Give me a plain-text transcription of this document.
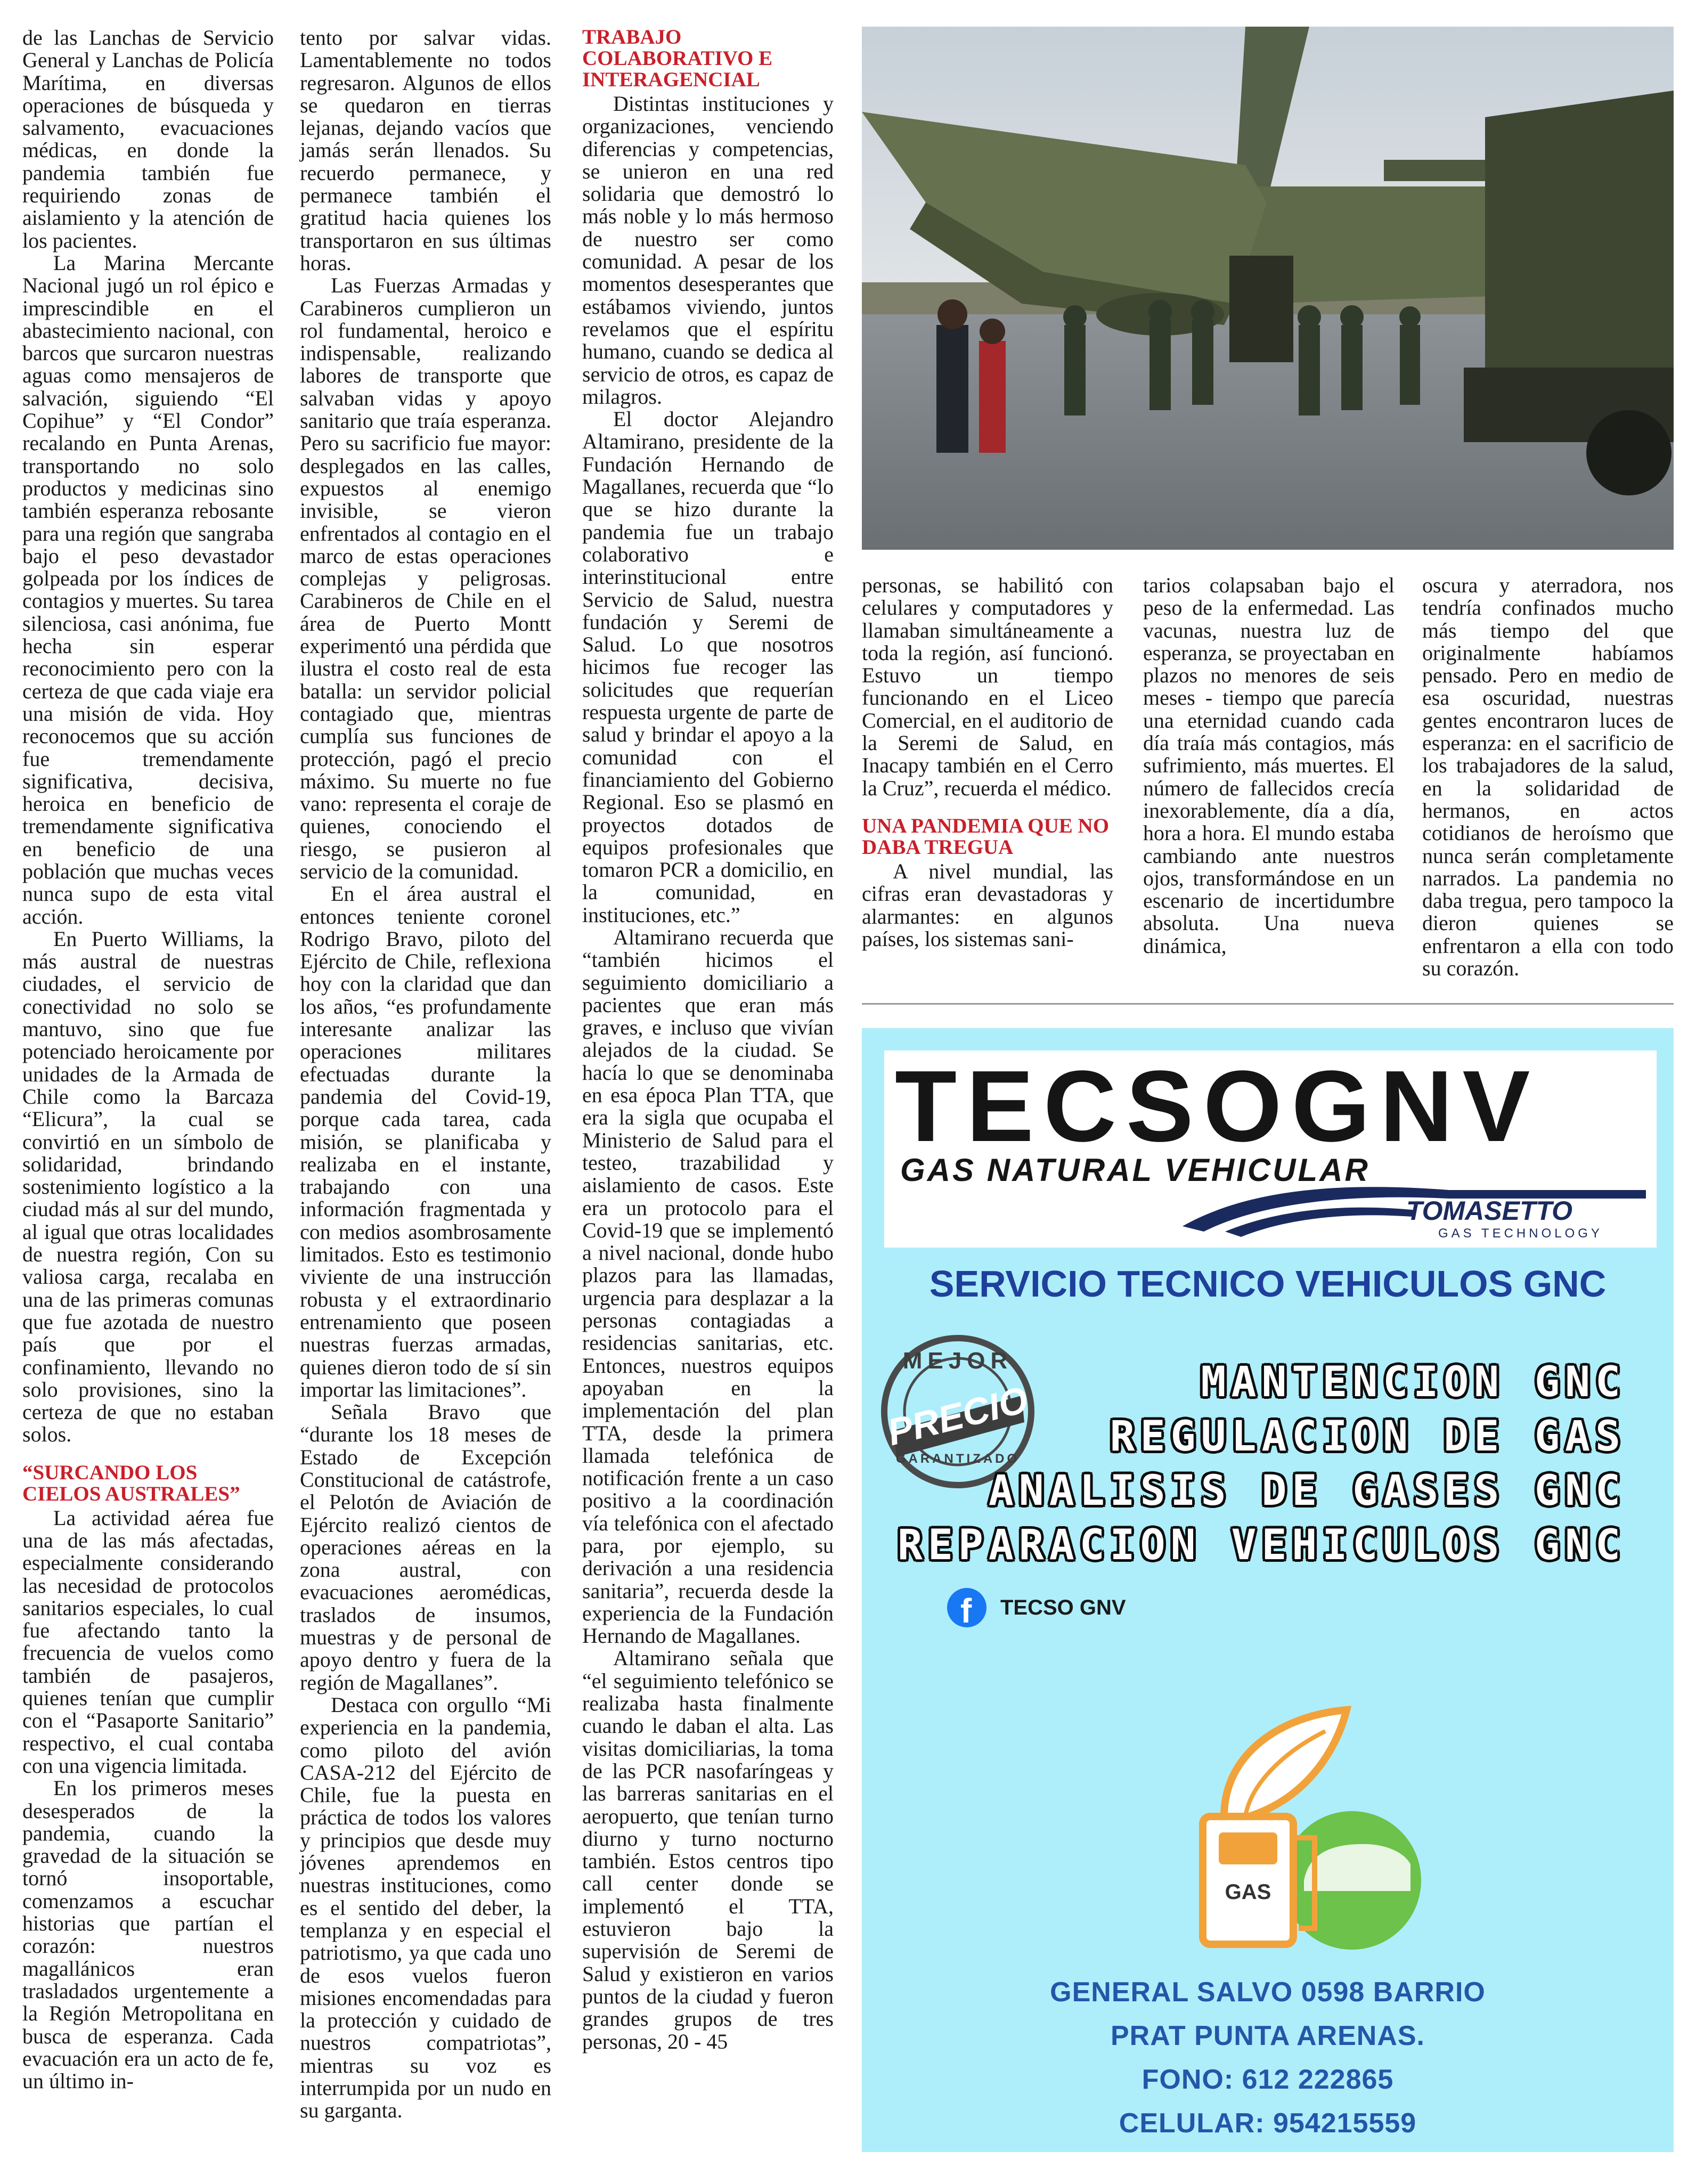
de las Lanchas de Servicio General y Lanchas de Policía Marítima, en diversas operaciones de búsqueda y salvamento, evacuaciones médicas, en donde la pandemia también fue requiriendo zonas de aislamiento y la atención de los pacientes.

La Marina Mercante Nacional jugó un rol épico e imprescindible en el abastecimiento nacional, con barcos que surcaron nuestras aguas como mensajeros de salvación, siguiendo “El Copihue” y “El Condor” recalando en Punta Arenas, transportando no solo productos y medicinas sino también esperanza rebosante para una región que sangraba bajo el peso devastador golpeada por los índices de contagios y muertes. Su tarea silenciosa, casi anónima, fue hecha sin esperar reconocimiento pero con la certeza de que cada viaje era una misión de vida. Hoy reconocemos que su acción fue tremendamente significativa, decisiva, heroica en beneficio de tremendamente significativa en beneficio de una población que muchas veces nunca supo de esta vital acción.

En Puerto Williams, la más austral de nuestras ciudades, el servicio de conectividad no solo se mantuvo, sino que fue potenciado heroicamente por unidades de la Armada de Chile como la Barcaza “Elicura”, la cual se convirtió en un símbolo de solidaridad, brindando sostenimiento logístico a la ciudad más al sur del mundo, al igual que otras localidades de nuestra región, Con su valiosa carga, recalaba en una de las primeras comunas que fue azotada de nuestro país que por el confinamiento, llevando no solo provisiones, sino la certeza de que no estaban solos.

“SURCANDO LOS CIELOS AUSTRALES”

La actividad aérea fue una de las más afectadas, especialmente considerando las necesidad de protocolos sanitarios especiales, lo cual fue afectando tanto la frecuencia de vuelos como también de pasajeros, quienes tenían que cumplir con el “Pasaporte Sanitario” respectivo, el cual contaba con una vigencia limitada.

En los primeros meses desesperados de la pandemia, cuando la gravedad de la situación se tornó insoportable, comenzamos a escuchar historias que partían el corazón: nuestros magallánicos eran trasladados urgentemente a la Región Metropolitana en busca de esperanza. Cada evacuación era un acto de fe, un último in-

tento por salvar vidas. Lamentablemente no todos regresaron. Algunos de ellos se quedaron en tierras lejanas, dejando vacíos que jamás serán llenados. Su recuerdo permanece, y permanece también el gratitud hacia quienes los transportaron en sus últimas horas.

Las Fuerzas Armadas y Carabineros cumplieron un rol fundamental, heroico e indispensable, realizando labores de transporte que salvaban vidas y apoyo sanitario que traía esperanza. Pero su sacrificio fue mayor: desplegados en las calles, expuestos al enemigo invisible, se vieron enfrentados al contagio en el marco de estas operaciones complejas y peligrosas. Carabineros de Chile en el área de Puerto Montt experimentó una pérdida que ilustra el costo real de esta batalla: un servidor policial contagiado que, mientras cumplía sus funciones de protección, pagó el precio máximo. Su muerte no fue vano: representa el coraje de quienes, conociendo el riesgo, se pusieron al servicio de la comunidad.

En el área austral el entonces teniente coronel Rodrigo Bravo, piloto del Ejército de Chile, reflexiona hoy con la claridad que dan los años, “es profundamente interesante analizar las operaciones militares efectuadas durante la pandemia del Covid-19, porque cada tarea, cada misión, se planificaba y realizaba en el instante, trabajando con una información fragmentada y con medios asombrosamente limitados. Esto es testimonio viviente de una instrucción robusta y el extraordinario entrenamiento que poseen nuestras fuerzas armadas, quienes dieron todo de sí sin importar las limitaciones”.

Señala Bravo que “durante los 18 meses de Estado de Excepción Constitucional de catástrofe, el Pelotón de Aviación de Ejército realizó cientos de operaciones aéreas en la zona austral, con evacuaciones aeromédicas, traslados de insumos, muestras y de personal de apoyo dentro y fuera de la región de Magallanes”.

Destaca con orgullo “Mi experiencia en la pandemia, como piloto del avión CASA-212 del Ejército de Chile, fue la puesta en práctica de todos los valores y principios que desde muy jóvenes aprendemos en nuestras instituciones, como es el sentido del deber, la templanza y en especial el patriotismo, ya que cada uno de esos vuelos fueron misiones encomendadas para la protección y cuidado de nuestros compatriotas”, mientras su voz es interrumpida por un nudo en su garganta.

TRABAJO COLABORATIVO E INTERAGENCIAL

Distintas instituciones y organizaciones, venciendo diferencias y competencias, se unieron en una red solidaria que demostró lo más noble y lo más hermoso de nuestro ser como comunidad. A pesar de los momentos desesperantes que estábamos viviendo, juntos revelamos que el espíritu humano, cuando se dedica al servicio de otros, es capaz de milagros.

El doctor Alejandro Altamirano, presidente de la Fundación Hernando de Magallanes, recuerda que “lo que se hizo durante la pandemia fue un trabajo colaborativo e interinstitucional entre Servicio de Salud, nuestra fundación y Seremi de Salud. Lo que nosotros hicimos fue recoger las solicitudes que requerían respuesta urgente de parte de salud y brindar el apoyo a la comunidad con el financiamiento del Gobierno Regional. Eso se plasmó en proyectos dotados de equipos profesionales que tomaron PCR a domicilio, en la comunidad, en instituciones, etc.”

Altamirano recuerda que “también hicimos el seguimiento domiciliario a pacientes que eran más graves, e incluso que vivían alejados de la ciudad. Se hacía lo que se denominaba en esa época Plan TTA, que era la sigla que ocupaba el Ministerio de Salud para el testeo, trazabilidad y aislamiento de casos. Este era un protocolo para el Covid-19 que se implementó a nivel nacional, donde hubo plazos para las llamadas, urgencia para desplazar a la personas contagiadas a residencias sanitarias, etc. Entonces, nuestros equipos apoyaban en la implementación del plan TTA, desde la primera llamada telefónica de notificación frente a un caso positivo a la coordinación vía telefónica con el afectado para, por ejemplo, su derivación a una residencia sanitaria”, recuerda desde la experiencia de la Fundación Hernando de Magallanes.

Altamirano señala que “el seguimiento telefónico se realizaba hasta finalmente cuando le daban el alta. Las visitas domiciliarias, la toma de las PCR nasofaríngeas y las barreras sanitarias en el aeropuerto, que tenían turno diurno y turno nocturno también. Estos centros tipo call center donde se implementó el TTA, estuvieron bajo la supervisión de Seremi de Salud y existieron en varios puntos de la ciudad y fueron grandes grupos de tres personas, 20 - 45

personas, se habilitó con celulares y computadores y llamaban simultáneamente a toda la región, así funcionó. Estuvo un tiempo funcionando en el Liceo Comercial, en el auditorio de la Seremi de Salud, en Inacapy también en el Cerro la Cruz”, recuerda el médico.

UNA PANDEMIA QUE NO DABA TREGUA

A nivel mundial, las cifras eran devastadoras y alarmantes: en algunos países, los sistemas sani-

tarios colapsaban bajo el peso de la enfermedad. Las vacunas, nuestra luz de esperanza, se proyectaban en plazos no menores de seis meses - tiempo que parecía una eternidad cuando cada día traía más contagios, más sufrimiento, más muertes. El número de fallecidos crecía inexorablemente, día a día, hora a hora. El mundo estaba cambiando ante nuestros ojos, transformándose en un escenario de incertidumbre absoluta. Una nueva dinámica,

oscura y aterradora, nos tendría confinados mucho más tiempo del que originalmente habíamos pensado. Pero en medio de esa oscuridad, nuestras gentes encontraron luces de esperanza: en el sacrificio de los trabajadores de la salud, en la solidaridad de hermanos, en actos cotidianos de heroísmo que nunca serán completamente narrados. La pandemia no daba tregua, pero tampoco la dieron quienes se enfrentaron a ella con todo su corazón.

TECSOGNV
GAS NATURAL VEHICULAR
TOMASETTO
GAS TECHNOLOGY
SERVICIO TECNICO VEHICULOS GNC
MEJOR
PRECIO
GARANTIZADO
MANTENCION GNC
REGULACION DE GAS
ANALISIS DE GASES GNC
REPARACION VEHICULOS GNC
f TECSO GNV
GAS
GENERAL SALVO 0598 BARRIO
PRAT PUNTA ARENAS.
FONO: 612 222865
CELULAR: 954215559
